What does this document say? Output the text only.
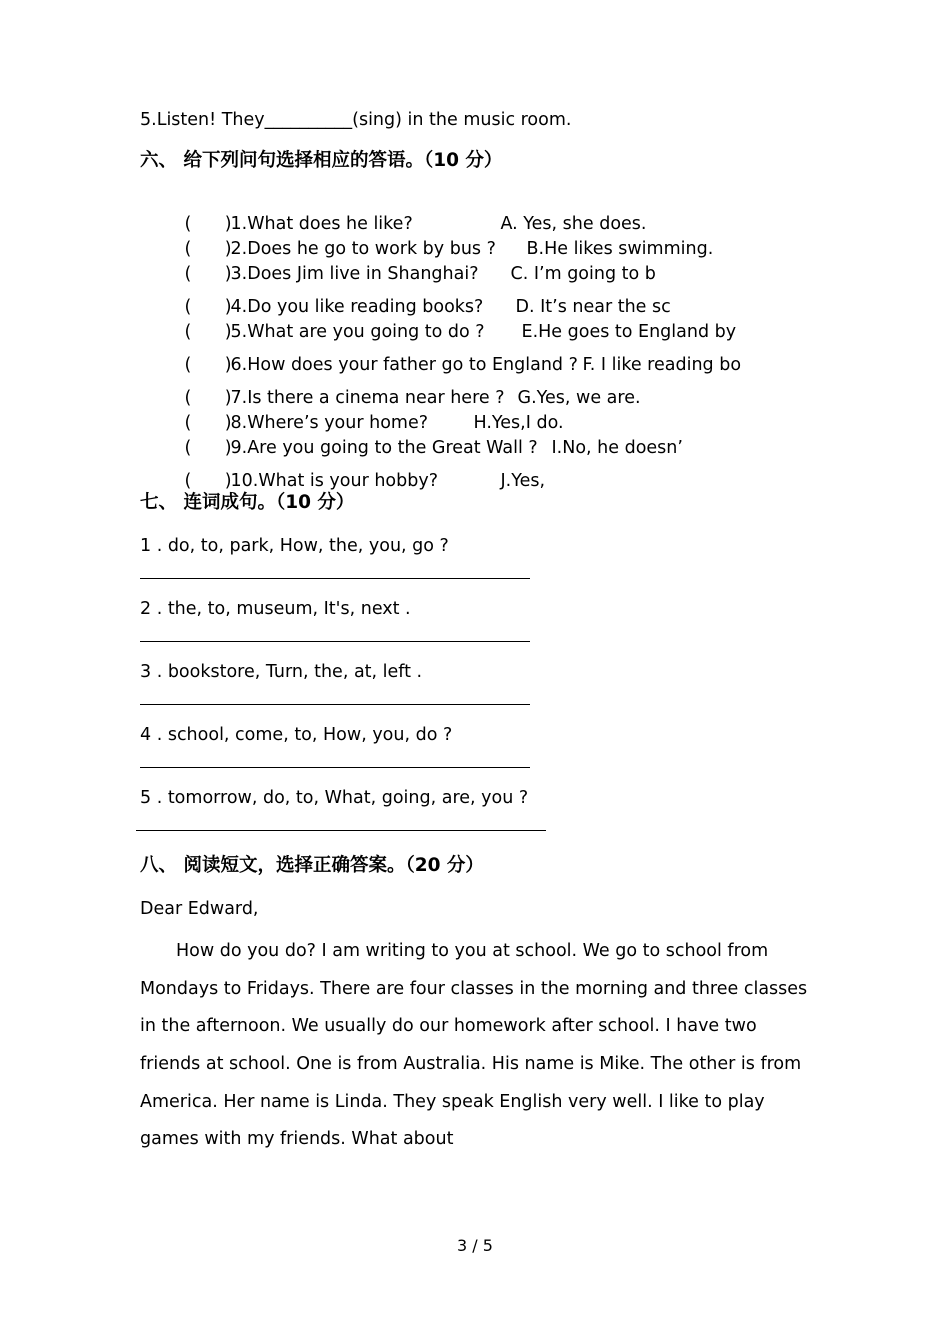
5.Listen! They__________(sing) in the music room.
六、 给下列问句选择相应的答语。（10 分）

(      )1.What does he like?	A. Yes, she does.

(      )2.Does he go to work by bus ? B.He likes swimming.

(      )3.Does Jim live in Shanghai? C. I’m going to b

(      )4.Do you like reading books? D. It’s near the sc

(      )5.What are you going to do ? E.He goes to England by

(      )6.How does your father go to England ? F. I like reading bo

(      )7.Is there a cinema near here ? G.Yes, we are.

(      )8.Where’s your home?	H.Yes,I do.

(      )9.Are you going to the Great Wall ? I.No, he doesn’

(      )10.What is your hobby?	J.Yes,

七、 连词成句。（10 分）
1 . do, to, park, How, the, you, go ?
2 . the, to, museum, It's, next .
3 . bookstore, Turn, the, at, left .
4 . school, come, to, How, you, do ?
5 . tomorrow, do, to, What, going, are, you ?
八、 阅读短文，选择正确答案。（20 分）
Dear Edward,
How do you do? I am writing to you at school. We go to school from Mondays to Fridays. There are four classes in the morning and three classes in the afternoon. We usually do our homework after school. I have two friends at school. One is from Australia. His name is Mike. The other is from America. Her name is Linda. They speak English very well. I like to play games with my friends. What about
3 / 5
